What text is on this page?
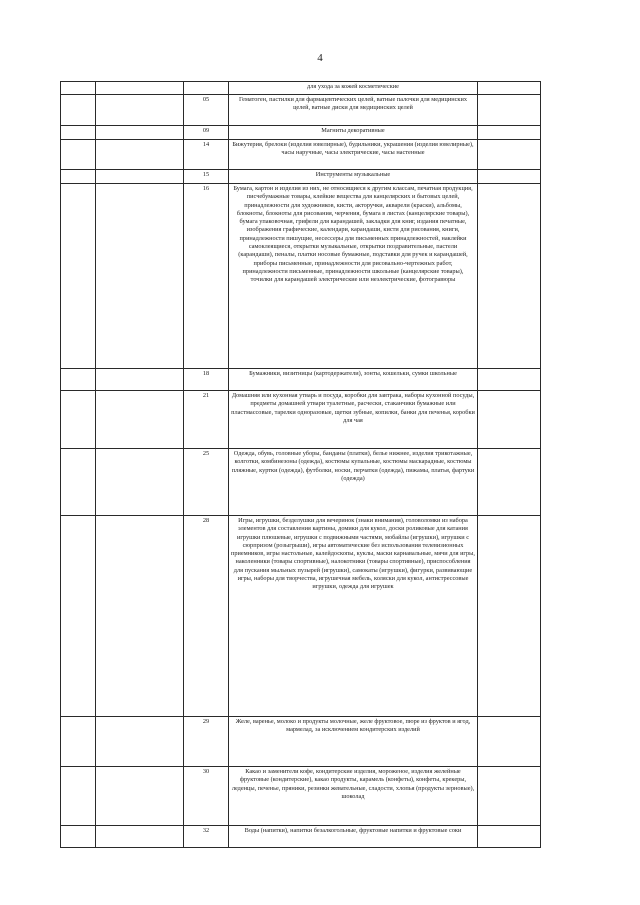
4
			для ухода за кожей косметические	
		05	Гематоген, пастилки для фармацевтических целей, ватные палочки для медицинских целей, ватные диски для медицинских целей	
		09	Магниты декоративные	
		14	Бижутерия, брелоки (изделия ювелирные), будильники, украшения (изделия ювелирные), часы наручные, часы электрические, часы настенные	
		15	Инструменты музыкальные	
		16	Бумага, картон и изделия из них, не относящиеся к другим классам, печатная продукция, писчебумажные товары, клейкие вещества для канцелярских и бытовых целей, принадлежности для художников, кисти, акторучки, акварели (краски), альбомы, блокноты, блокноты для рисования, черчения, бумага в листах (канцелярские товары), бумага упаковочная, грифели для карандашей, закладки для книг, издания печатные, изображения графические, календари, карандаши, кисти для рисования, книги, принадлежности пишущие, несессеры для письменных принадлежностей, наклейки самоклеящиеся, открытки музыкальные, открытки поздравительные, пастели (карандаши), пеналы, платки носовые бумажные, подставки для ручек и карандашей, приборы письменные, принадлежности для рисовально-чертежных работ, принадлежности письменные, принадлежности школьные (канцелярские товары), точилки для карандашей электрические или неэлектрические, фотогравюры	
		18	Бумажники, визитницы (картодержатели), зонты, кошельки, сумки школьные	
		21	Домашняя или кухонная утварь и посуда, коробки для завтрака, наборы кухонной посуды, предметы домашней утвари туалетные, расчески, стаканчики бумажные или пластмассовые, тарелки одноразовые, щетки зубные, копилки, банки для печенья, коробки для чая	
		25	Одежда, обувь, головные уборы, банданы (платки), белье нижнее, изделия трикотажные, колготки, комбинезоны (одежда), костюмы купальные, костюмы маскарадные, костюмы пляжные, куртки (одежда), футболки, носки, перчатки (одежда), пижамы, платья, фартуки (одежда)	
		28	Игры, игрушки, безделушки для вечеринок (знаки внимания), головоломки из набора элементов для составления картины, домики для кукол, доски роликовые для катания игрушки плюшевые, игрушки с подвижными частями, мобайлы (игрушки), игрушки с сюрпризом (розыгрыши), игры автоматические без использования телевизионных приемников, игры настольные, калейдоскопы, куклы, маски карнавальные, мячи для игры, наколенники (товары спортивные), налокотники (товары спортивные), приспособления для пускания мыльных пузырей (игрушки), самокаты (игрушки), фигурки, развивающие игры, наборы для творчества, игрушечная мебель, коляски для кукол, антистрессовые игрушки, одежда для игрушек	
		29	Желе, варенье, молоко и продукты молочные, желе фруктовое, пюре из фруктов и ягод, мармелад, за исключением кондитерских изделий	
		30	Какао и заменители кофе, кондитерские изделия, мороженое, изделия желейные фруктовые (кондитерские), какао продукты, карамель (конфеты), конфеты, крекеры, леденцы, печенье, пряники, резинки жевательные, сладости, хлопья (продукты зерновые), шоколад	
		32	Воды (напитки), напитки безалкогольные, фруктовые напитки и фруктовые соки	
